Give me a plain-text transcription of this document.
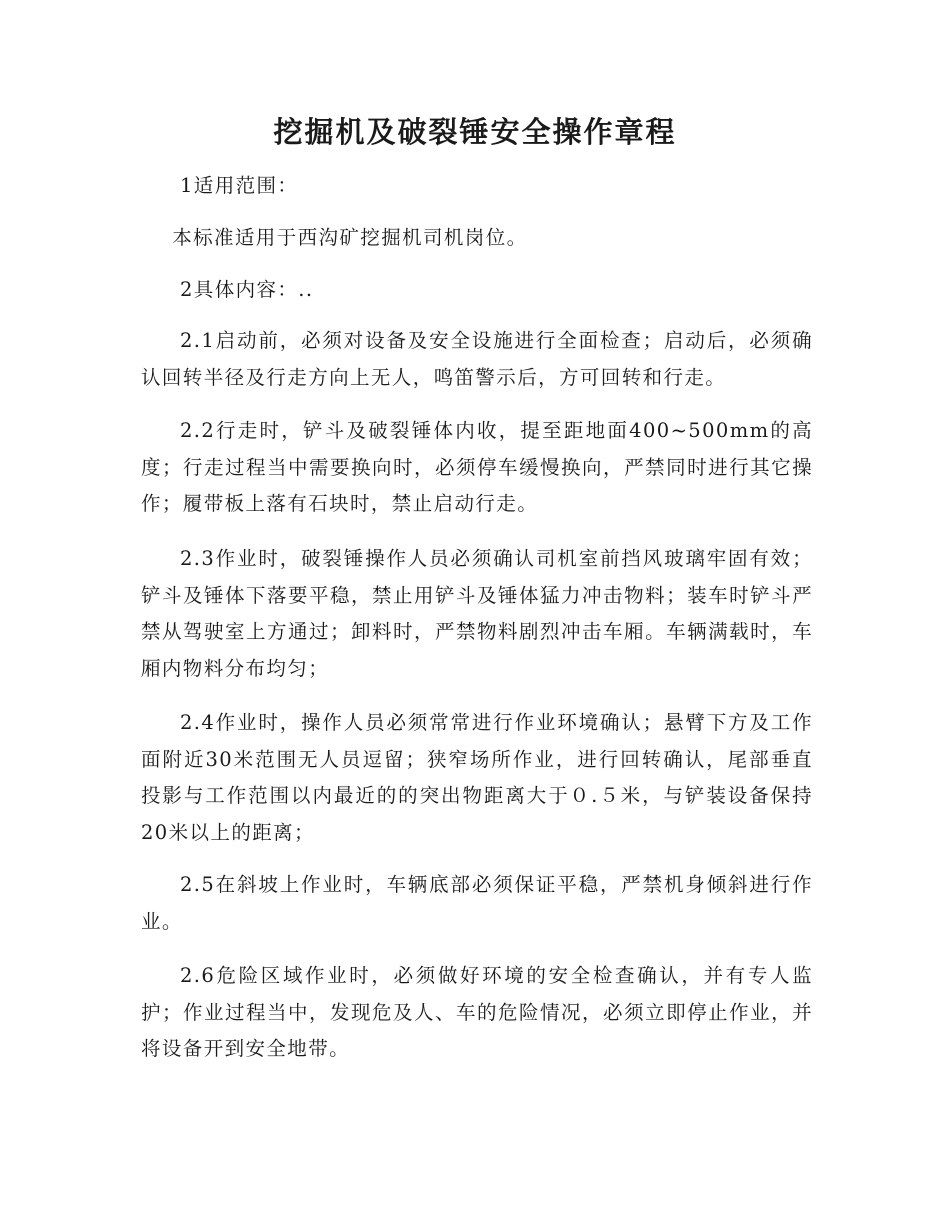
挖掘机及破裂锤安全操作章程

1适用范围：

本标准适用于西沟矿挖掘机司机岗位。

2具体内容：..

2.1启动前，必须对设备及安全设施进行全面检查；启动后，必须确认回转半径及行走方向上无人，鸣笛警示后，方可回转和行走。

2.2行走时，铲斗及破裂锤体内收，提至距地面400~500mm的高度；行走过程当中需要换向时，必须停车缓慢换向，严禁同时进行其它操作；履带板上落有石块时，禁止启动行走。

2.3作业时，破裂锤操作人员必须确认司机室前挡风玻璃牢固有效；铲斗及锤体下落要平稳，禁止用铲斗及锤体猛力冲击物料；装车时铲斗严禁从驾驶室上方通过；卸料时，严禁物料剧烈冲击车厢。车辆满载时，车厢内物料分布均匀；

2.4作业时，操作人员必须常常进行作业环境确认；悬臂下方及工作面附近30米范围无人员逗留；狭窄场所作业，进行回转确认，尾部垂直投影与工作范围以内最近的的突出物距离大于０.５米，与铲装设备保持20米以上的距离；

2.5在斜坡上作业时，车辆底部必须保证平稳，严禁机身倾斜进行作业。

2.6危险区域作业时，必须做好环境的安全检查确认，并有专人监护；作业过程当中，发现危及人、车的危险情况，必须立即停止作业，并将设备开到安全地带。
